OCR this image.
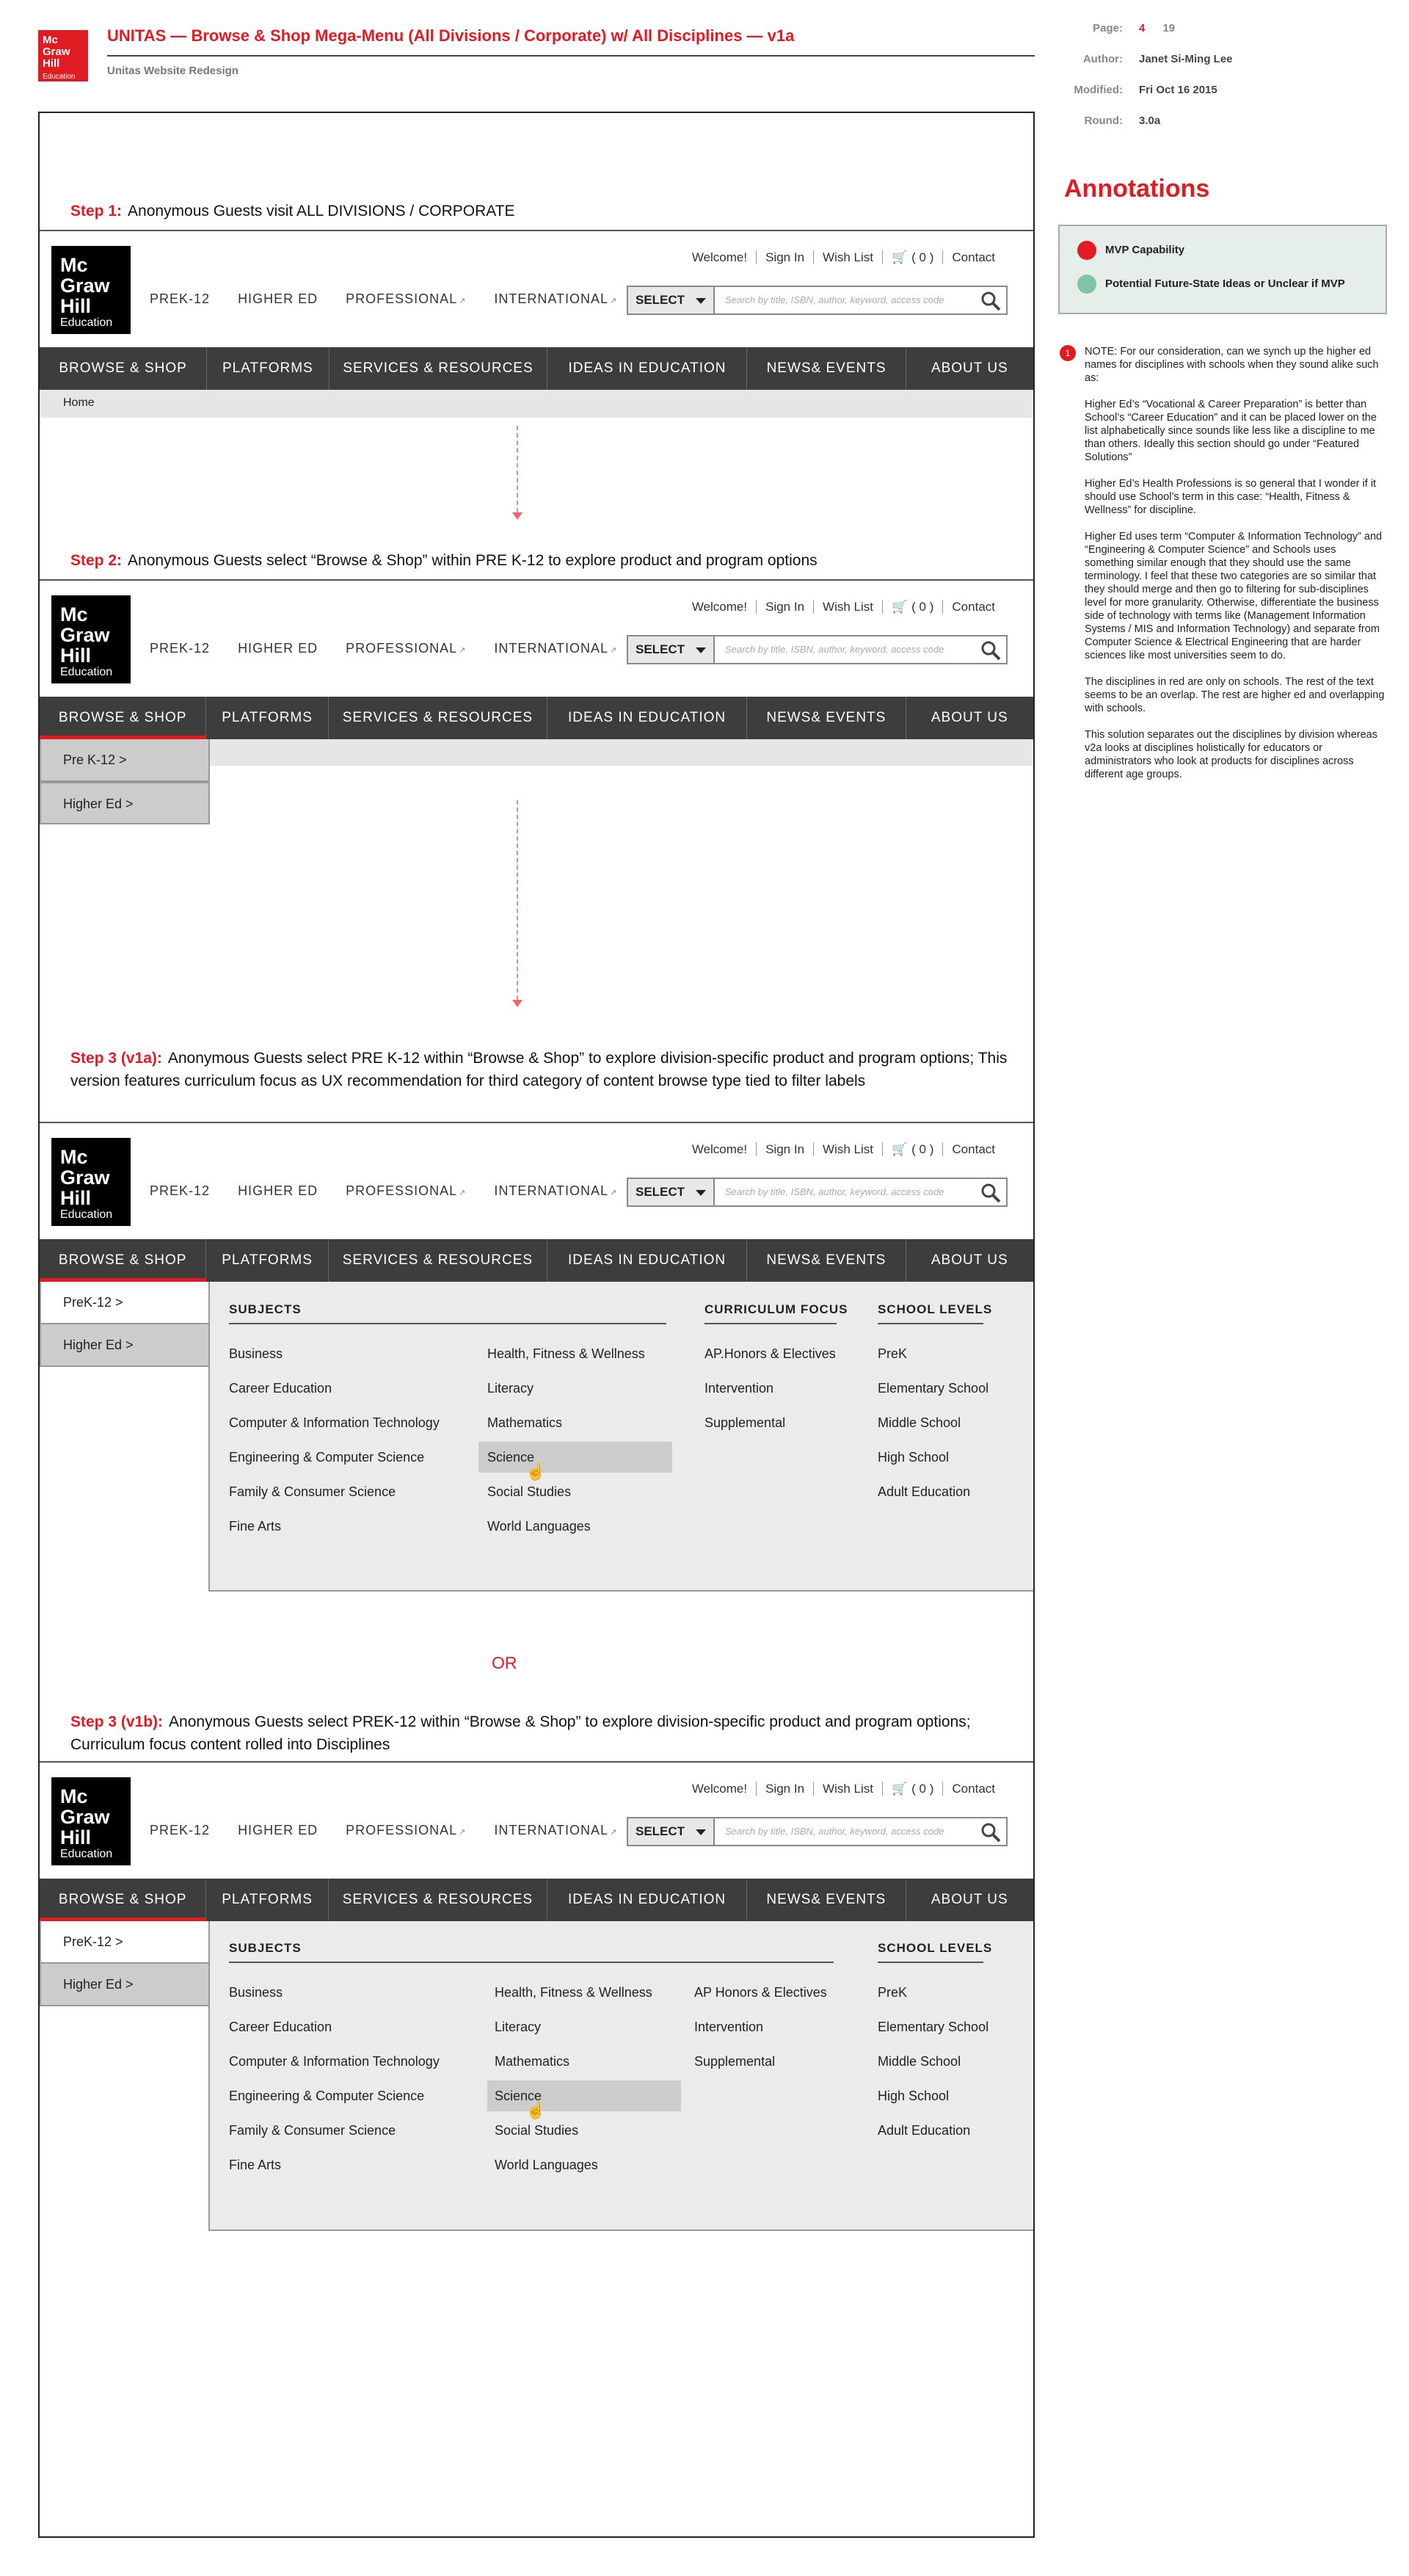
Mc
Graw
Hill
Education
UNITAS — Browse & Shop Mega-Menu (All Divisions / Corporate) w/ All Disciplines — v1a
Unitas Website Redesign
Page: 4 19
Author: Janet Si-Ming Lee
Modified: Fri Oct 16 2015
Round: 3.0a
Step 1: Anonymous Guests visit ALL DIVISIONS / CORPORATE
Mc
Graw
Hill
Education
PREK-12 HIGHER ED PROFESSIONAL ↗ INTERNATIONAL ↗
Welcome! Sign In Wish List 🛒 ( 0 ) Contact
SELECT	Search by title, ISBN, author, keyword, access code
BROWSE & SHOP	PLATFORMS	SERVICES & RESOURCES	IDEAS IN EDUCATION	NEWS& EVENTS	ABOUT US
Home
Step 2: Anonymous Guests select “Browse & Shop” within PRE K-12 to explore product and program options
Mc
Graw
Hill
Education
PREK-12 HIGHER ED PROFESSIONAL ↗ INTERNATIONAL ↗
Welcome! Sign In Wish List 🛒 ( 0 ) Contact
SELECT	Search by title, ISBN, author, keyword, access code
BROWSE & SHOP	PLATFORMS	SERVICES & RESOURCES	IDEAS IN EDUCATION	NEWS& EVENTS	ABOUT US
Pre K-12 >
Higher Ed >
Step 3 (v1a): Anonymous Guests select PRE K-12 within “Browse & Shop” to explore division-specific product and program options; This version features curriculum focus as UX recommendation for third category of content browse type tied to filter labels
Mc
Graw
Hill
Education
PREK-12 HIGHER ED PROFESSIONAL ↗ INTERNATIONAL ↗
Welcome! Sign In Wish List 🛒 ( 0 ) Contact
SELECT	Search by title, ISBN, author, keyword, access code
BROWSE & SHOP	PLATFORMS	SERVICES & RESOURCES	IDEAS IN EDUCATION	NEWS& EVENTS	ABOUT US
PreK-12 >
Higher Ed >
SUBJECTS	CURRICULUM FOCUS SCHOOL LEVELS
Business
Career Education
Computer & Information Technology
Engineering & Computer Science
Family & Consumer Science
Fine Arts
Health, Fitness & Wellness
Literacy
Mathematics
Science
Social Studies
World Languages
AP.Honors & Electives
Intervention
Supplemental
PreK
Elementary School
Middle School
High School
Adult Education
☝
OR
Step 3 (v1b): Anonymous Guests select PREK-12 within “Browse & Shop” to explore division-specific product and program options; Curriculum focus content rolled into Disciplines
Mc
Graw
Hill
Education
PREK-12 HIGHER ED PROFESSIONAL ↗ INTERNATIONAL ↗
Welcome! Sign In Wish List 🛒 ( 0 ) Contact
SELECT	Search by title, ISBN, author, keyword, access code
BROWSE & SHOP	PLATFORMS	SERVICES & RESOURCES	IDEAS IN EDUCATION	NEWS& EVENTS	ABOUT US
PreK-12 >
Higher Ed >
SUBJECTS	SCHOOL LEVELS
Business
Career Education
Computer & Information Technology
Engineering & Computer Science
Family & Consumer Science
Fine Arts
Health, Fitness & Wellness
Literacy
Mathematics
Science
Social Studies
World Languages
AP Honors & Electives
Intervention
Supplemental
PreK
Elementary School
Middle School
High School
Adult Education
☝
Annotations
MVP Capability
Potential Future-State Ideas or Unclear if MVP
1	NOTE: For our consideration, can we synch up the higher ed names for disciplines with schools when they sound alike such as:

Higher Ed’s “Vocational & Career Preparation” is better than School’s “Career Education” and it can be placed lower on the list alphabetically since sounds like less like a discipline to me than others. Ideally this section should go under “Featured Solutions”

Higher Ed’s Health Professions is so general that I wonder if it should use School’s term in this case: “Health, Fitness & Wellness” for discipline.

Higher Ed uses term “Computer & Information Technology” and “Engineering & Computer Science” and Schools uses something similar enough that they should use the same terminology. I feel that these two categories are so similar that they should merge and then go to filtering for sub-disciplines level for more granularity. Otherwise, differentiate the business side of technology with terms like (Management Information Systems / MIS and Information Technology) and separate from Computer Science & Electrical Engineering that are harder sciences like most universities seem to do.

The disciplines in red are only on schools. The rest of the text seems to be an overlap. The rest are higher ed and overlapping with schools.

This solution separates out the disciplines by division whereas v2a looks at disciplines holistically for educators or administrators who look at products for disciplines across different age groups.
